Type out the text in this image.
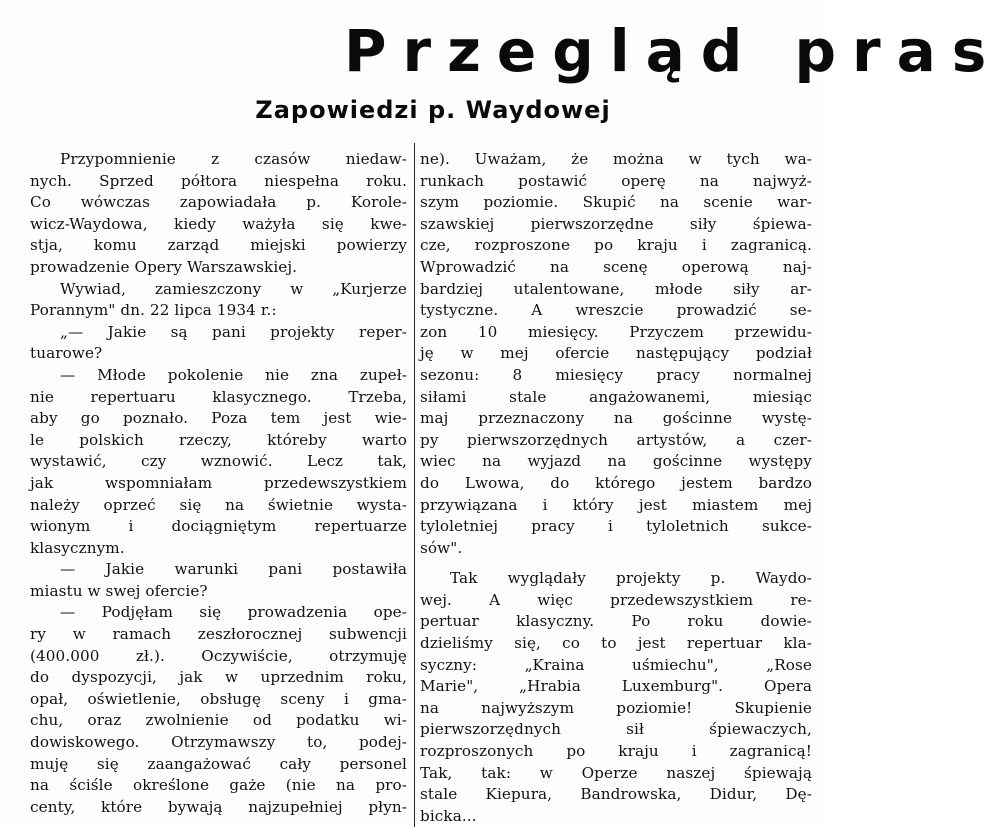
Przegląd pras
Zapowiedzi p. Waydowej
Przypomnienie z czasów niedaw-
nych. Sprzed półtora niespełna roku.
Co wówczas zapowiadała p. Korole-
wicz-Waydowa, kiedy ważyła się kwe-
stja, komu zarząd miejski powierzy
prowadzenie Opery Warszawskiej.
Wywiad, zamieszczony w „Kurjerze
Porannym" dn. 22 lipca 1934 r.:
„— Jakie są pani projekty reper-
tuarowe?
— Młode pokolenie nie zna zupeł-
nie repertuaru klasycznego. Trzeba,
aby go poznało. Poza tem jest wie-
le polskich rzeczy, któreby warto
wystawić, czy wznowić. Lecz tak,
jak wspomniałam przedewszystkiem
należy oprzeć się na świetnie wysta-
wionym i dociągniętym repertuarze
klasycznym.
— Jakie warunki pani postawiła
miastu w swej ofercie?
— Podjęłam się prowadzenia ope-
ry w ramach zeszłorocznej subwencji
(400.000 zł.). Oczywiście, otrzymuję
do dyspozycji, jak w uprzednim roku,
opał, oświetlenie, obsługę sceny i gma-
chu, oraz zwolnienie od podatku wi-
dowiskowego. Otrzymawszy to, podej-
muję się zaangażować cały personel
na ściśle określone gaże (nie na pro-
centy, które bywają najzupełniej płyn-
ne). Uważam, że można w tych wa-
runkach postawić operę na najwyż-
szym poziomie. Skupić na scenie war-
szawskiej pierwszorzędne siły śpiewa-
cze, rozproszone po kraju i zagranicą.
Wprowadzić na scenę operową naj-
bardziej utalentowane, młode siły ar-
tystyczne. A wreszcie prowadzić se-
zon 10 miesięcy. Przyczem przewidu-
ję w mej ofercie następujący podział
sezonu: 8 miesięcy pracy normalnej
siłami stale angażowanemi, miesiąc
maj przeznaczony na gościnne wystę-
py pierwszorzędnych artystów, a czer-
wiec na wyjazd na gościnne występy
do Lwowa, do którego jestem bardzo
przywiązana i który jest miastem mej
tyloletniej pracy i tyloletnich sukce-
sów".
Tak wyglądały projekty p. Waydo-
wej. A więc przedewszystkiem re-
pertuar klasyczny. Po roku dowie-
dzieliśmy się, co to jest repertuar kla-
syczny: „Kraina uśmiechu", „Rose
Marie", „Hrabia Luxemburg". Opera
na najwyższym poziomie! Skupienie
pierwszorzędnych sił śpiewaczych,
rozproszonych po kraju i zagranicą!
Tak, tak: w Operze naszej śpiewają
stale Kiepura, Bandrowska, Didur, Dę-
bicka...
